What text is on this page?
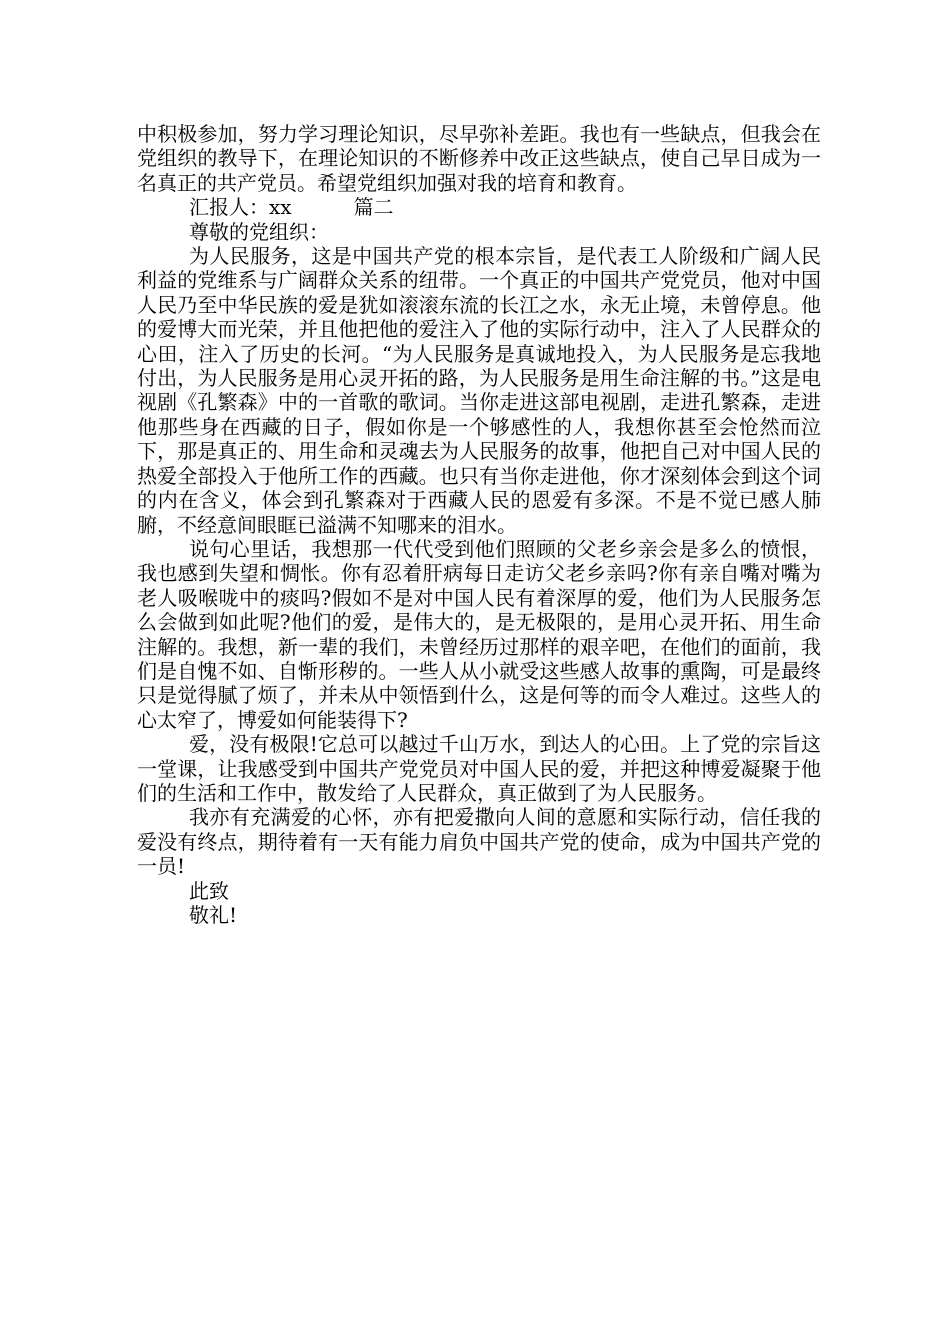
中积极参加，努力学习理论知识，尽早弥补差距。我也有一些缺点，但我会在党组织的教导下，在理论知识的不断修养中改正这些缺点，使自己早日成为一名真正的共产党员。希望党组织加强对我的培育和教育。

汇报人：xx	篇二

尊敬的党组织：

为人民服务，这是中国共产党的根本宗旨，是代表工人阶级和广阔人民利益的党维系与广阔群众关系的纽带。一个真正的中国共产党党员，他对中国人民乃至中华民族的爱是犹如滚滚东流的长江之水，永无止境，未曾停息。他的爱博大而光荣，并且他把他的爱注入了他的实际行动中，注入了人民群众的心田，注入了历史的长河。“为人民服务是真诚地投入，为人民服务是忘我地付出，为人民服务是用心灵开拓的路，为人民服务是用生命注解的书。”这是电视剧《孔繁森》中的一首歌的歌词。当你走进这部电视剧，走进孔繁森，走进他那些身在西藏的日子，假如你是一个够感性的人，我想你甚至会怆然而泣下，那是真正的、用生命和灵魂去为人民服务的故事，他把自己对中国人民的热爱全部投入于他所工作的西藏。也只有当你走进他，你才深刻体会到这个词的内在含义，体会到孔繁森对于西藏人民的恩爱有多深。不是不觉已感人肺腑，不经意间眼眶已溢满不知哪来的泪水。

说句心里话，我想那一代代受到他们照顾的父老乡亲会是多么的愤恨，我也感到失望和惆怅。你有忍着肝病每日走访父老乡亲吗?你有亲自嘴对嘴为老人吸喉咙中的痰吗?假如不是对中国人民有着深厚的爱，他们为人民服务怎么会做到如此呢?他们的爱，是伟大的，是无极限的，是用心灵开拓、用生命注解的。我想，新一辈的我们，未曾经历过那样的艰辛吧，在他们的面前，我们是自愧不如、自惭形秽的。一些人从小就受这些感人故事的熏陶，可是最终只是觉得腻了烦了，并未从中领悟到什么，这是何等的而令人难过。这些人的心太窄了，博爱如何能装得下?

爱，没有极限!它总可以越过千山万水，到达人的心田。上了党的宗旨这一堂课，让我感受到中国共产党党员对中国人民的爱，并把这种博爱凝聚于他们的生活和工作中，散发给了人民群众，真正做到了为人民服务。

我亦有充满爱的心怀，亦有把爱撒向人间的意愿和实际行动，信任我的爱没有终点，期待着有一天有能力肩负中国共产党的使命，成为中国共产党的一员!

此致

敬礼!
